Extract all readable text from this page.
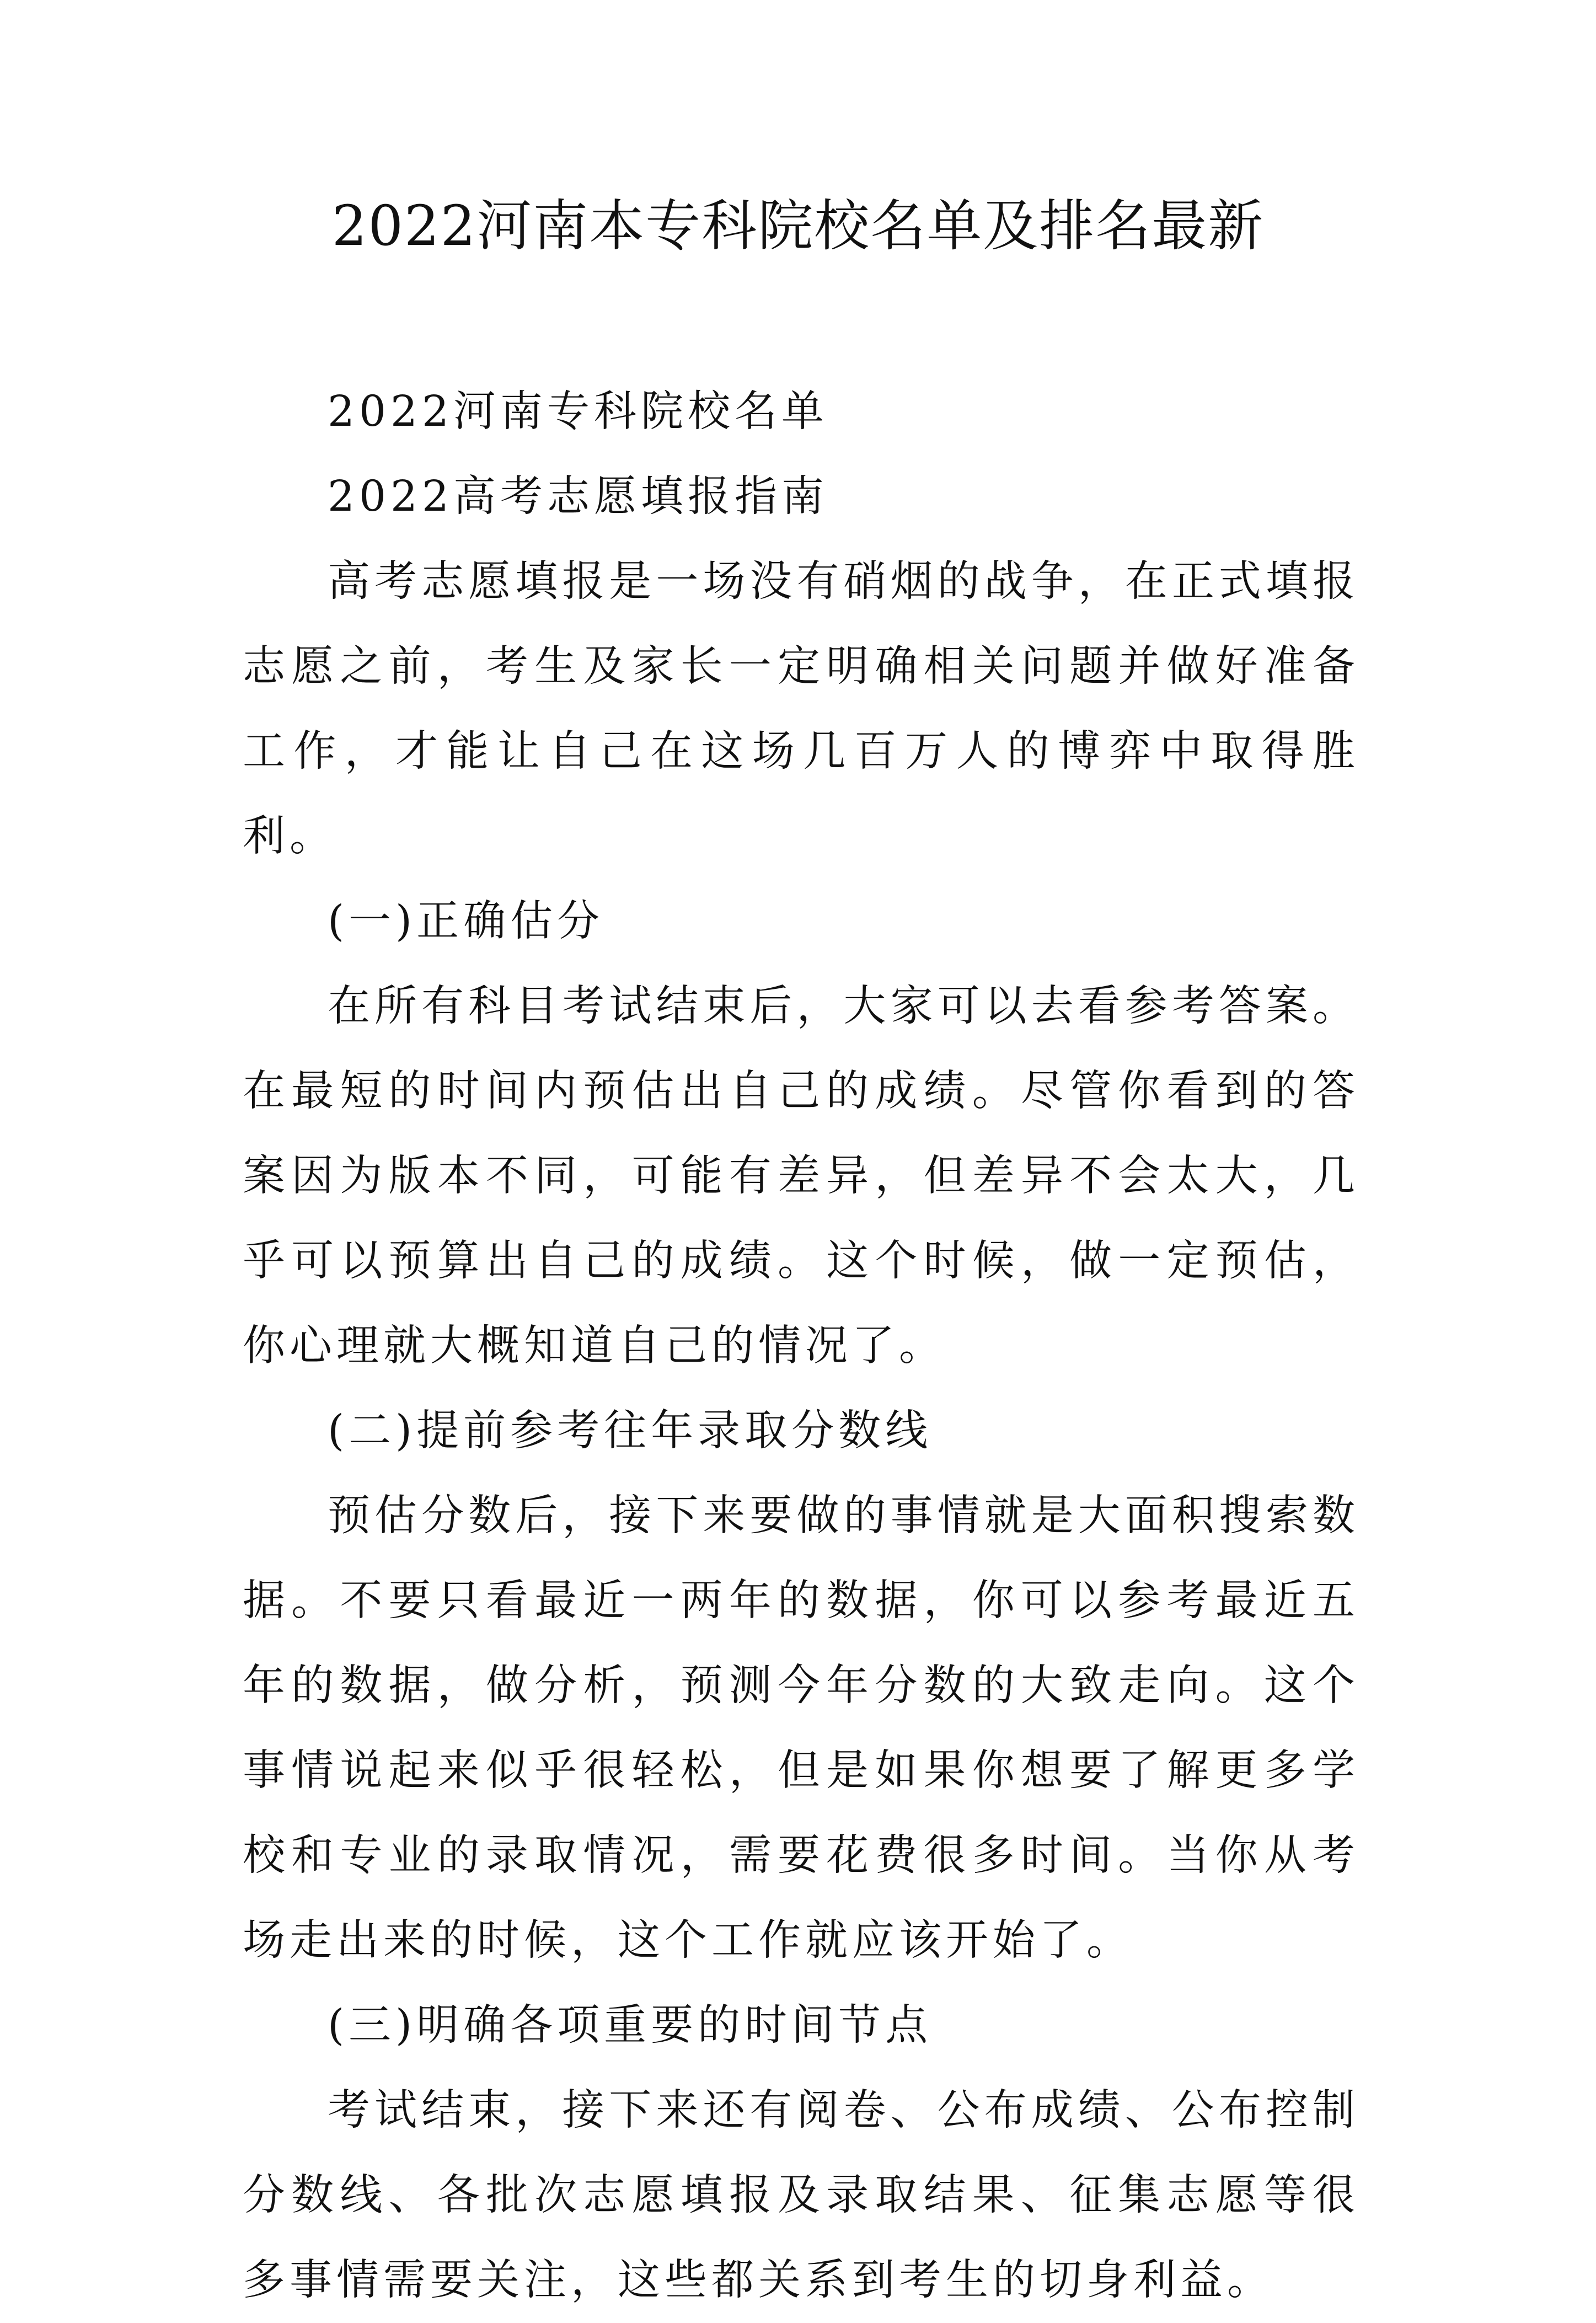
2022河南本专科院校名单及排名最新

2022河南专科院校名单

2022高考志愿填报指南

高考志愿填报是一场没有硝烟的战争，在正式填报志愿之前，考生及家长一定明确相关问题并做好准备工作，才能让自己在这场几百万人的博弈中取得胜利。

(一)正确估分

在所有科目考试结束后，大家可以去看参考答案。在最短的时间内预估出自己的成绩。尽管你看到的答案因为版本不同，可能有差异，但差异不会太大，几乎可以预算出自己的成绩。这个时候，做一定预估，你心理就大概知道自己的情况了。

(二)提前参考往年录取分数线

预估分数后，接下来要做的事情就是大面积搜索数据。不要只看最近一两年的数据，你可以参考最近五年的数据，做分析，预测今年分数的大致走向。这个事情说起来似乎很轻松，但是如果你想要了解更多学校和专业的录取情况，需要花费很多时间。当你从考场走出来的时候，这个工作就应该开始了。

(三)明确各项重要的时间节点

考试结束，接下来还有阅卷、公布成绩、公布控制分数线、各批次志愿填报及录取结果、征集志愿等很多事情需要关注，这些都关系到考生的切身利益。
